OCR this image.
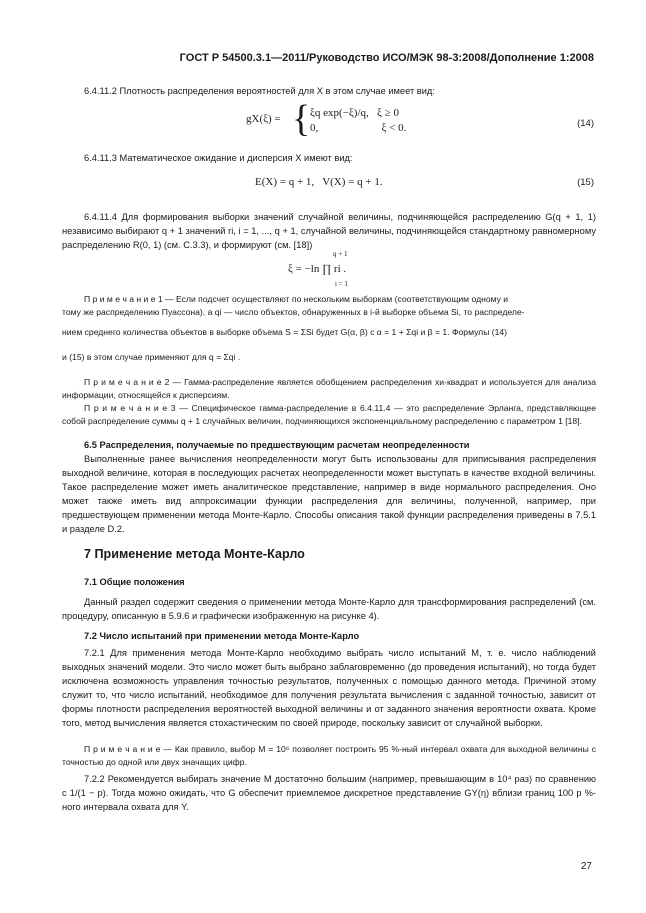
ГОСТ Р 54500.3.1—2011/Руководство ИСО/МЭК 98-3:2008/Дополнение 1:2008
6.4.11.2 Плотность распределения вероятностей для X в этом случае имеет вид:
gX(ξ) = { ξq exp(−ξ)/q,   ξ ≥ 0
0,                       ξ < 0.	(14)
6.4.11.3 Математическое ожидание и дисперсия X имеют вид:
E(X) = q + 1,   V(X) = q + 1.	(15)
6.4.11.4 Для формирования выборки значений случайной величины, подчиняющейся распределению G(q + 1, 1) независимо выбирают q + 1 значений ri, i = 1, ..., q + 1, случайной величины, подчиняющейся стандартному равномерному распределению R(0, 1) (см. С.3.3), и формируют (см. [18])
q + 1
ξ = −ln ∏ ri .
i = 1
П р и м е ч а н и е 1 — Если подсчет осуществляют по нескольким выборкам (соответствующим одному и
тому же распределению Пуассона), а qi — число объектов, обнаруженных в i-й выборке объема Si, то распределе-
нием среднего количества объектов в выборке объема S = ΣSi будет G(α, β) с α = 1 + Σqi и β = 1. Формулы (14)
и (15) в этом случае применяют для q = Σqi .
П р и м е ч а н и е 2 — Гамма-распределение является обобщением распределения хи-квадрат и используется для анализа информации, относящейся к дисперсиям.
П р и м е ч а н и е 3 — Специфическое гамма-распределение в 6.4.11.4 — это распределение Эрланга, представляющее собой распределение суммы q + 1 случайных величин, подчиняющихся экспоненциальному распределению с параметром 1 [18].
6.5 Распределения, получаемые по предшествующим расчетам неопределенности
Выполненные ранее вычисления неопределенности могут быть использованы для приписывания распределения выходной величине, которая в последующих расчетах неопределенности может выступать в качестве входной величины. Такое распределение может иметь аналитическое представление, например в виде нормального распределения. Оно может также иметь вид аппроксимации функции распределения для величины, полученной, например, при предшествующем применении метода Монте-Карло. Способы описания такой функции распределения приведены в 7.5.1 и разделе D.2.
7 Применение метода Монте-Карло
7.1 Общие положения
Данный раздел содержит сведения о применении метода Монте-Карло для трансформирования распределений (см. процедуру, описанную в 5.9.6 и графически изображенную на рисунке 4).
7.2 Число испытаний при применении метода Монте-Карло
7.2.1 Для применения метода Монте-Карло необходимо выбрать число испытаний M, т. е. число наблюдений выходных значений модели. Это число может быть выбрано заблаговременно (до проведения испытаний), но тогда будет исключена возможность управления точностью результатов, полученных с помощью данного метода. Причиной этому служит то, что число испытаний, необходимое для получения результата вычисления с заданной точностью, зависит от формы плотности распределения вероятностей выходной величины и от заданного значения вероятности охвата. Кроме того, метод вычисления является стохастическим по своей природе, поскольку зависит от случайной выборки.
П р и м е ч а н и е — Как правило, выбор M = 10⁶ позволяет построить 95 %-ный интервал охвата для выходной величины с точностью до одной или двух значащих цифр.
7.2.2 Рекомендуется выбирать значение M достаточно большим (например, превышающим в 10⁴ раз) по сравнению с 1/(1 − p). Тогда можно ожидать, что G обеспечит приемлемое дискретное представление GY(η) вблизи границ 100 p %-ного интервала охвата для Y.
27
